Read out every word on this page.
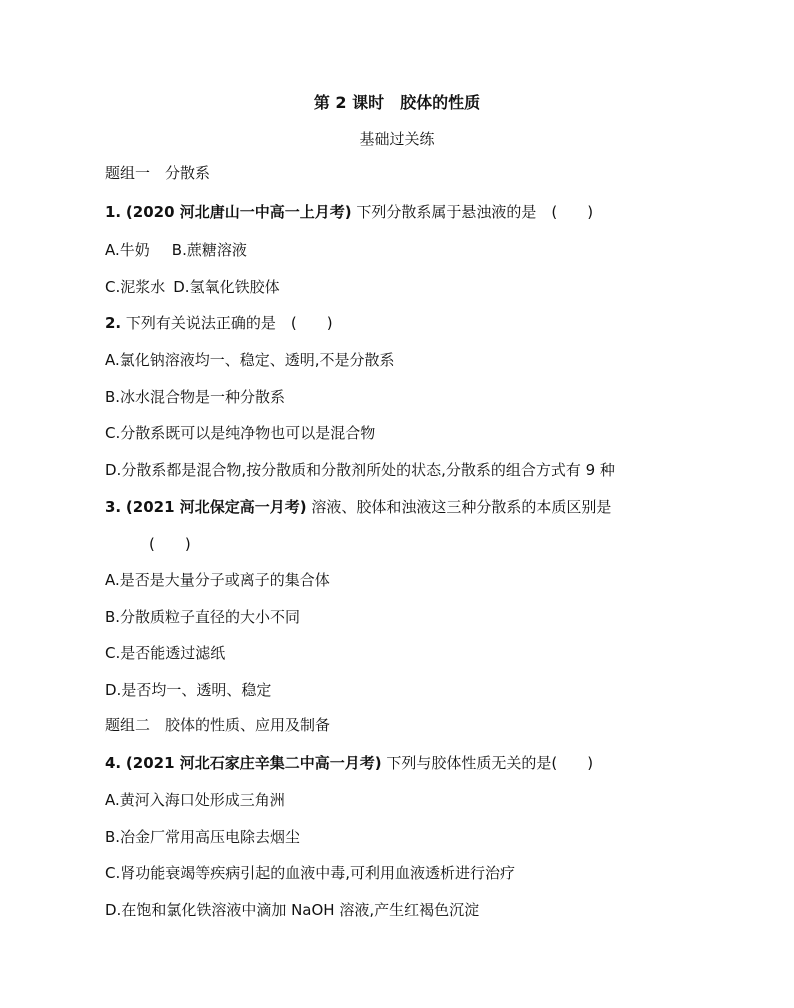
第 2 课时　胶体的性质
基础过关练
题组一　分散系
1. (2020 河北唐山一中高一上月考) 下列分散系属于悬浊液的是　(　　)
A.牛奶 B.蔗糖溶液
C.泥浆水 D.氢氧化铁胶体
2. 下列有关说法正确的是　(　　)
A.氯化钠溶液均一、稳定、透明,不是分散系
B.冰水混合物是一种分散系
C.分散系既可以是纯净物也可以是混合物
D.分散系都是混合物,按分散质和分散剂所处的状态,分散系的组合方式有 9 种
3. (2021 河北保定高一月考) 溶液、胶体和浊液这三种分散系的本质区别是
(　　)
A.是否是大量分子或离子的集合体
B.分散质粒子直径的大小不同
C.是否能透过滤纸
D.是否均一、透明、稳定
题组二　胶体的性质、应用及制备
4. (2021 河北石家庄辛集二中高一月考) 下列与胶体性质无关的是(　　)
A.黄河入海口处形成三角洲
B.冶金厂常用高压电除去烟尘
C.肾功能衰竭等疾病引起的血液中毒,可利用血液透析进行治疗
D.在饱和氯化铁溶液中滴加 NaOH 溶液,产生红褐色沉淀
